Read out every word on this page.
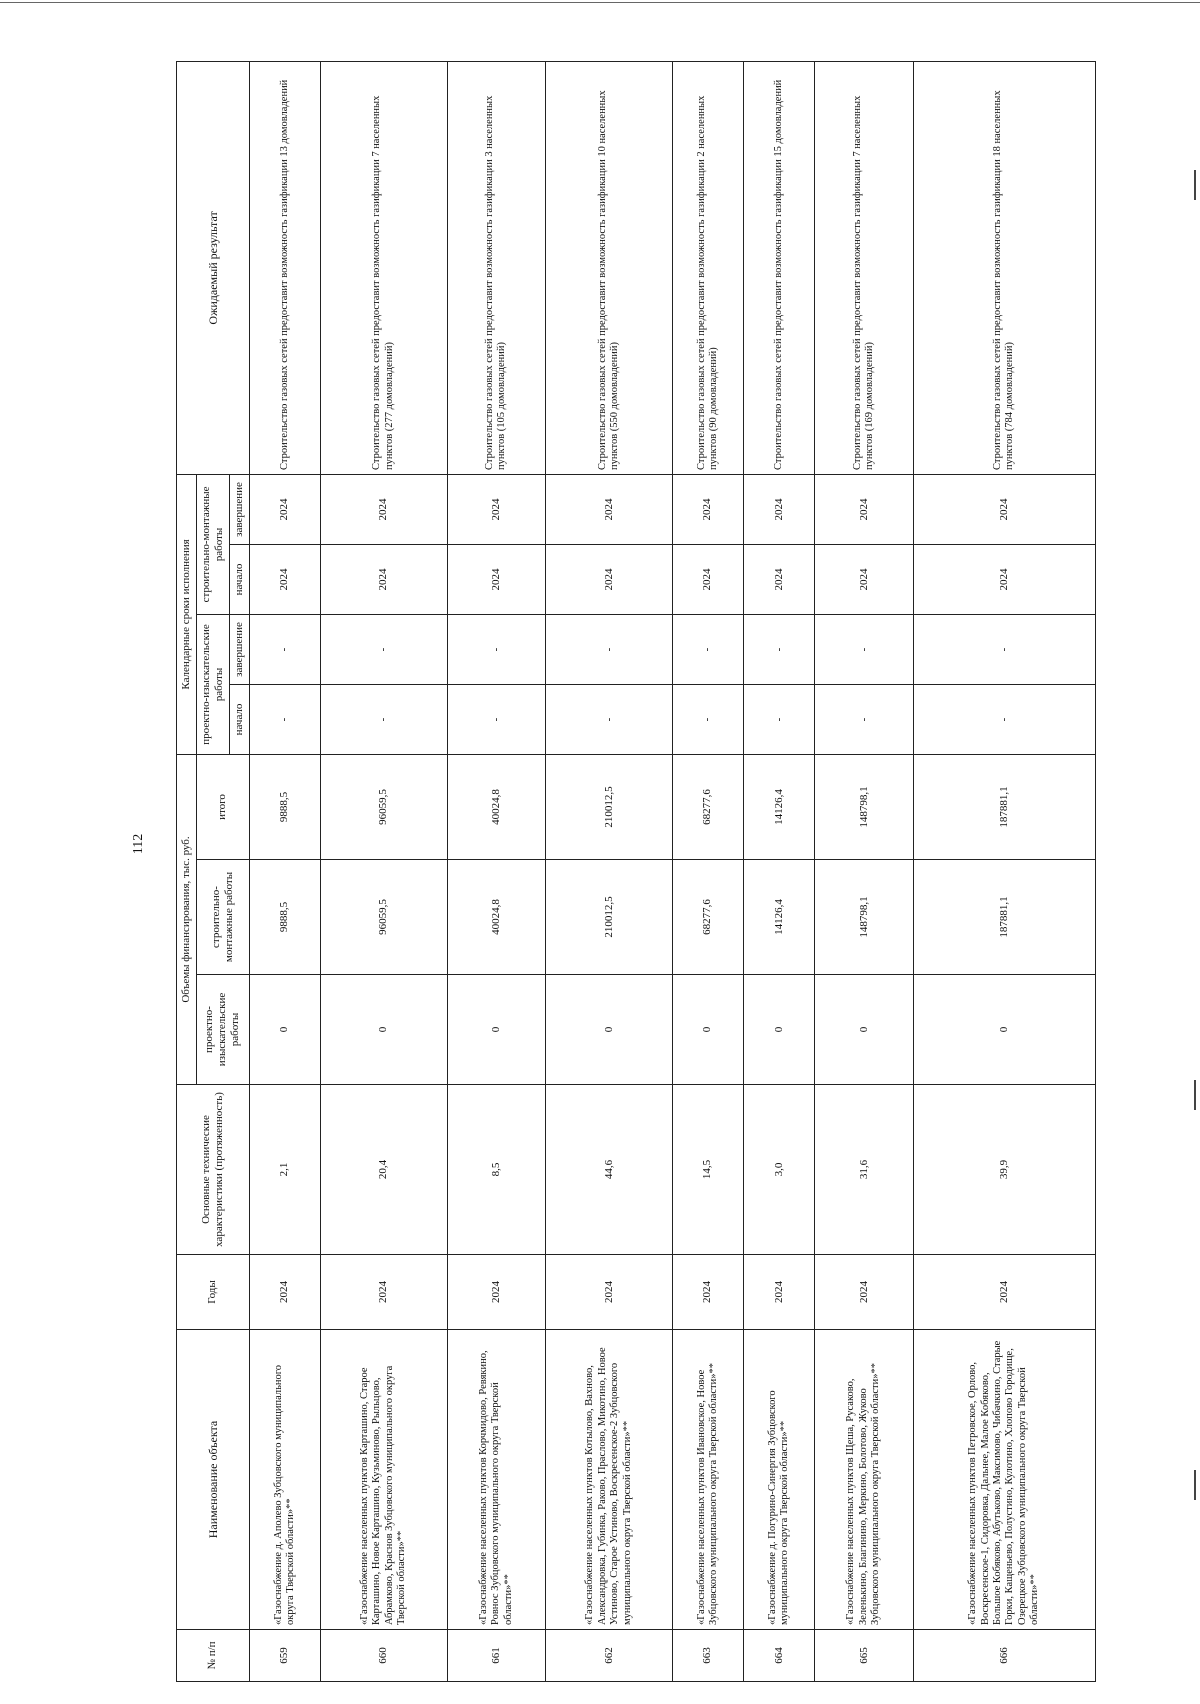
112
№ п/п	Наименование объекта	Годы	Основные технические характеристики (протяженность)	Объемы финансирования, тыс. руб.			Календарные сроки исполнения				Ожидаемый результат
				проектно-изыскательские работы	строительно-монтажные работы	итого	проектно-изыскательские работы		строительно-монтажные работы		
							начало	завершение	начало	завершение	
659	«Газоснабжение д. Аполево Зубцовского муниципального округа Тверской области»**	2024	2,1	0	9888,5	9888,5	-	-	2024	2024	Строительство газовых сетей предоставит возможность газификации 13 домовладений
660	«Газоснабжение населенных пунктов Карташино, Старое Карташино, Новое Карташино, Кузьминово, Рыльцово, Абрамково, Краснов Зубцовского муниципального округа Тверской области»**	2024	20,4	0	96059,5	96059,5	-	-	2024	2024	Строительство газовых сетей предоставит возможность газификации 7 населенных пунктов (277 домовладений)
661	«Газоснабжение населенных пунктов Корчмидово, Ревякино, Ровнос Зубцовского муниципального округа Тверской области»**	2024	8,5	0	40024,8	40024,8	-	-	2024	2024	Строительство газовых сетей предоставит возможность газификации 3 населенных пунктов (105 домовладений)
662	«Газоснабжение населенных пунктов Котылово, Вахново, Александровка, Губинка, Раково, Праслово, Микотино, Новое Устиново, Старое Устиново, Воскресенское-2 Зубцовского муниципального округа Тверской области»**	2024	44,6	0	210012,5	210012,5	-	-	2024	2024	Строительство газовых сетей предоставит возможность газификации 10 населенных пунктов (550 домовладений)
663	«Газоснабжение населенных пунктов Ивановское, Новое Зубцовского муниципального округа Тверской области»**	2024	14,5	0	68277,6	68277,6	-	-	2024	2024	Строительство газовых сетей предоставит возможность газификации 2 населенных пунктов (90 домовладений)
664	«Газоснабжение д. Погурино-Синергия Зубцовского муниципального округа Тверской области»**	2024	3,0	0	14126,4	14126,4	-	-	2024	2024	Строительство газовых сетей предоставит возможность газификации 15 домовладений
665	«Газоснабжение населенных пунктов Щеша, Русаково, Зеленькино, Благинино, Меркино, Болотово, Жуково Зубцовского муниципального округа Тверской области»**	2024	31,6	0	148798,1	148798,1	-	-	2024	2024	Строительство газовых сетей предоставит возможность газификации 7 населенных пунктов (169 домовладений)
666	«Газоснабжение населенных пунктов Петровское, Орлово, Воскресенское-1, Сидоровка, Дальнее, Малое Кобяково, Большое Кобяково, Абутьково, Максимово, Чибачкино, Старые Горки, Кащеньево, Полустино, Кулотино, Хлопово Городище, Озерецкое Зубцовского муниципального округа Тверской области»**	2024	39,9	0	187881,1	187881,1	-	-	2024	2024	Строительство газовых сетей предоставит возможность газификации 18 населенных пунктов (784 домовладений)
